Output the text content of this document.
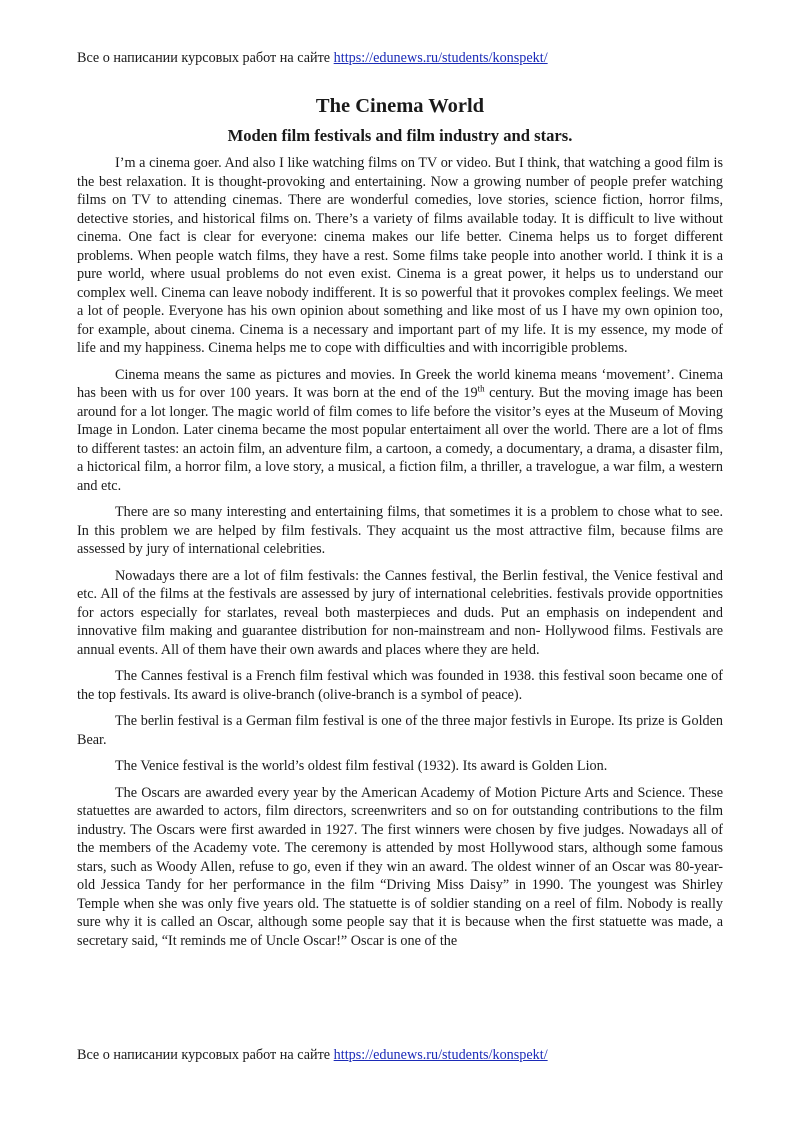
Все о написании курсовых работ на сайте https://edunews.ru/students/konspekt/
The Cinema World
Moden film festivals and film industry and stars.

I’m a cinema goer. And also I like watching films on TV or video. But I think, that watching a good film is the best relaxation. It is thought-provoking and entertaining. Now a growing number of people prefer watching films on TV to attending cinemas. There are wonderful comedies, love stories, science fiction, horror films, detective stories, and historical films on. There’s a variety of films available today. It is difficult to live without cinema. One fact is clear for everyone: cinema makes our life better. Cinema helps us to forget different problems. When people watch films, they have a rest. Some films take people into another world. I think it is a pure world, where usual problems do not even exist. Cinema is a great power, it helps us to understand our complex well. Cinema can leave nobody indifferent. It is so powerful that it provokes complex feelings. We meet a lot of people. Everyone has his own opinion about something and like most of us I have my own opinion too, for example, about cinema. Cinema is a necessary and important part of my life. It is my essence, my mode of life and my happiness. Cinema helps me to cope with difficulties and with incorrigible problems.

Cinema means the same as pictures and movies. In Greek the world kinema means ‘movement’. Cinema has been with us for over 100 years. It was born at the end of the 19th century. But the moving image has been around for a lot longer. The magic world of film comes to life before the visitor’s eyes at the Museum of Moving Image in London. Later cinema became the most popular entertaiment all over the world. There are a lot of flms to different tastes: an actoin film, an adventure film, a cartoon, a comedy, a documentary, a drama, a disaster film, a hictorical film, a horror film, a love story, a musical, a fiction film, a thriller, a travelogue, a war film, a western and etc.

There are so many interesting and entertaining films, that sometimes it is a problem to chose what to see. In this problem we are helped by film festivals. They acquaint us the most attractive film, because films are assessed by jury of international celebrities.

Nowadays there are a lot of film festivals: the Cannes festival, the Berlin festival, the Venice festival and etc. All of the films at the festivals are assessed by jury of international celebrities. festivals provide opportnities for actors especially for starlates, reveal both masterpieces and duds. Put an emphasis on independent and innovative film making and guarantee distribution for non-mainstream and non- Hollywood films. Festivals are annual events. All of them have their own awards and places where they are held.

The Cannes festival is a French film festival which was founded in 1938. this festival soon became one of the top festivals. Its award is olive-branch (olive-branch is a symbol of peace).

The berlin festival is a German film festival is one of the three major festivls in Europe. Its prize is Golden Bear.

The Venice festival is the world’s oldest film festival (1932). Its award is Golden Lion.

The Oscars are awarded every year by the American Academy of Motion Picture Arts and Science. These statuettes are awarded to actors, film directors, screenwriters and so on for outstanding contributions to the film industry. The Oscars were first awarded in 1927. The first winners were chosen by five judges. Nowadays all of the members of the Academy vote. The ceremony is attended by most Hollywood stars, although some famous stars, such as Woody Allen, refuse to go, even if they win an award. The oldest winner of an Oscar was 80-year- old Jessica Tandy for her performance in the film “Driving Miss Daisy” in 1990. The youngest was Shirley Temple when she was only five years old. The statuette is of soldier standing on a reel of film. Nobody is really sure why it is called an Oscar, although some people say that it is because when the first statuette was made, a secretary said, “It reminds me of Uncle Oscar!” Oscar is one of the

Все о написании курсовых работ на сайте https://edunews.ru/students/konspekt/
